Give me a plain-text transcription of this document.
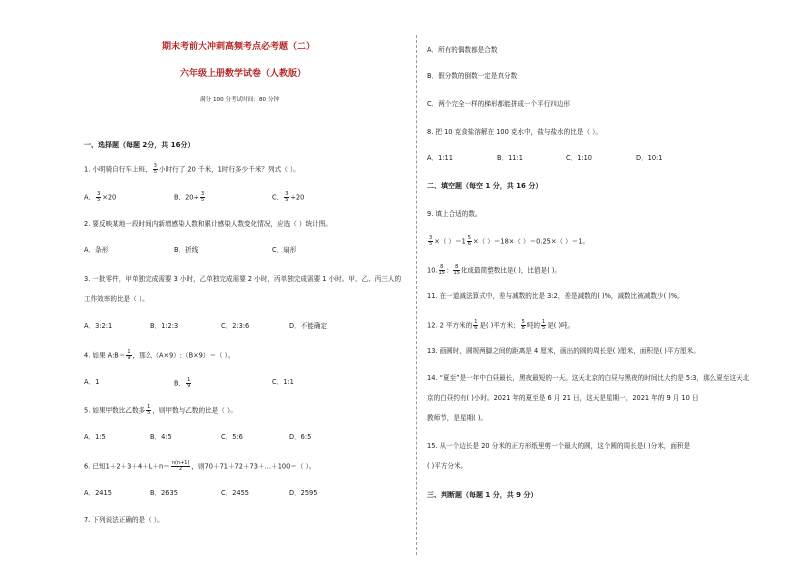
期末考前大冲刺高频考点必考题（二）
六年级上册数学试卷（人教版）
满分 100 分考试时间：80 分钟
一、选择题（每题 2分，共 16分）
1. 小明骑自行车上班， $\frac{3}{5}$ 小时行了 20 千米，1时行多少千米？列式（ ）。
A． $\frac{3}{5} \times 20$	B．$20\div \frac{3}{5}$	C． $\frac{3}{5} \div 20$
2. 要反映某地一段时间内新增感染人数和累计感染人数变化情况，应选（ ）统计图。
A．条形	B．折线	C．扇形
3. 一批零件，甲单独完成需要 3 小时，乙单独完成需要 2 小时，丙单独完成需要 1 小时。甲、乙、丙三人的
工作效率的比是（ ）。
A．3:2:1	B．1:2:3	C．2:3:6	D．不能确定
4. 如果 A:B＝ $\frac{1}{9}$ ，那么（A×9）:（B×9）＝（ ）。
A．1	B． $\frac{1}{9}$	C．1:1
5. 如果甲数比乙数多 $\frac{1}{5}$ ，则甲数与乙数的比是（ ）。
A．1:5	B．4:5	C．5:6	D．6:5
6. 已知$1+2+3+4+L+n= \frac{n(n+1)}{2}$ ，则70＋71＋72＋73＋…＋100＝（ ）。
A．2415	B．2635	C．2455	D．2595
7. 下列说法正确的是（ ）。
A．所有的偶数都是合数
B．假分数的倒数一定是真分数
C．两个完全一样的梯形都能拼成一个平行四边形
8. 把 10 克食盐溶解在 100 克水中，盐与盐水的比是（ ）。
A．1:11	B．11:1	C．1:10	D．10:1
二、填空题（每空 1 分，共 16 分）
9. 填上合适的数。
$\frac{3}{5}$ ×（ ）$=1 \frac{5}{6}$ ×（ ）＝18×（ ）＝0.25×（ ）＝1。
10. $\frac{8}{15}$ ： $\frac{8}{15}$ 化成最简整数比是( )，比值是( )。
11. 在一道减法算式中，差与减数的比是 3:2，差是减数的( )%，减数比被减数少( )%。
12. 2 平方米的 $\frac{1}{6}$ 是( )平方米； $\frac{5}{8}$ 吨的 $\frac{1}{5}$ 是( )吨。
13. 画圆时，圆规两脚之间的距离是 4 厘米，画出的圆的周长是( )厘米，面积是( )平方厘米。
14. “夏至”是一年中白昼最长，黑夜最短的一天。这天北京的白昼与黑夜的时间比大约是 5:3，那么夏至这天北
京的白昼约有( )小时。2021 年的夏至是 6 月 21 日，这天是星期一，2021 年的 9 月 10 日
教师节，是星期( )。
15. 从一个边长是 20 分米的正方形纸里剪一个最大的圆，这个圆的周长是( )分米，面积是
( )平方分米。
三、判断题（每题 1 分，共 9 分）
